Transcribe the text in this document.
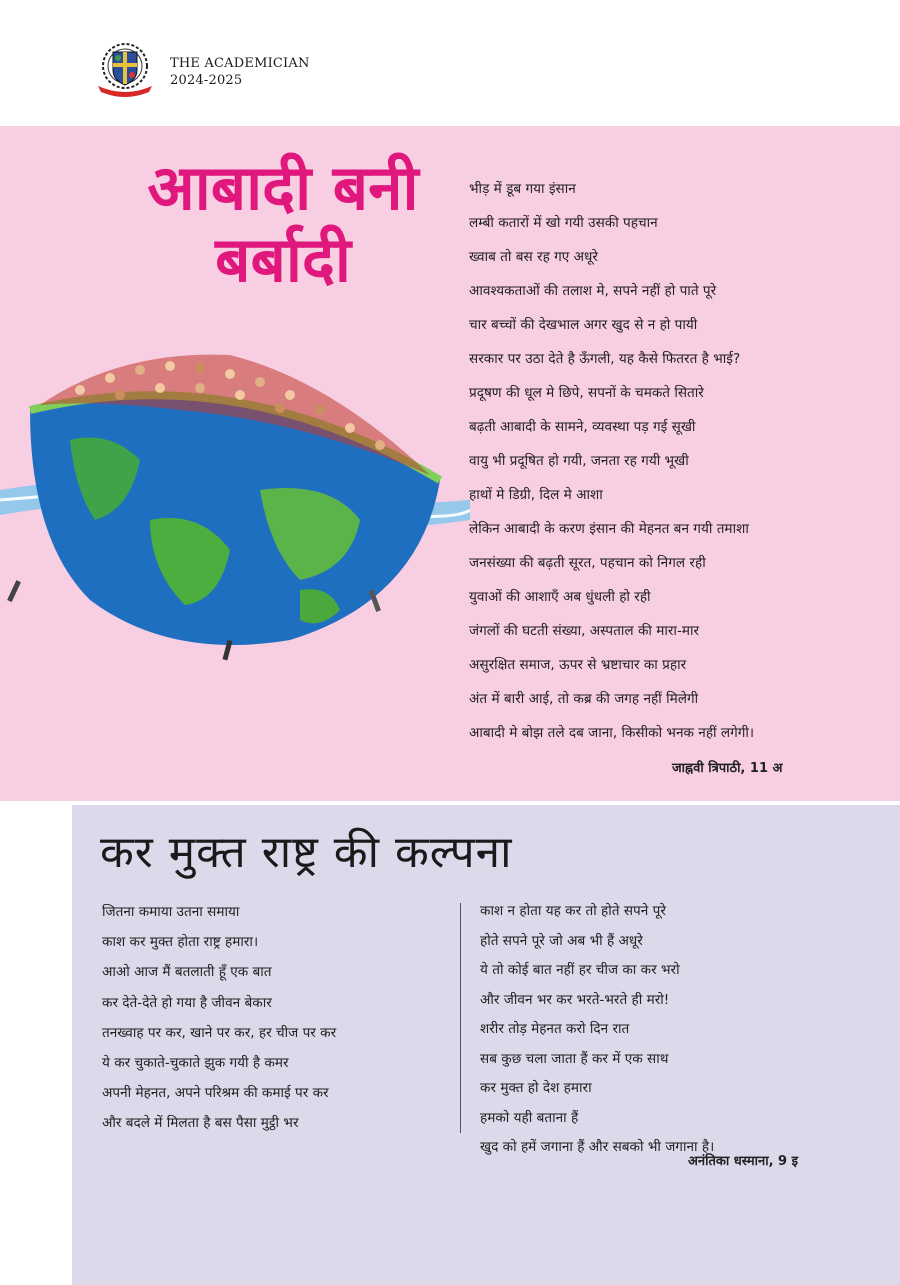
THE ACADEMICIAN
2024-2025
आबादी बनी
बर्बादी
भीड़ में डूब गया इंसान
लम्बी कतारों में खो गयी उसकी पहचान
ख्वाब तो बस रह गए अधूरे
आवश्यकताओं की तलाश मे, सपने नहीं हो पाते पूरे
चार बच्चों की देखभाल अगर खुद से न हो पायी
सरकार पर उठा देते है ऊँगली, यह कैसे फितरत है भाई?
प्रदूषण की धूल मे छिपे, सपनों के चमकते सितारे
बढ़ती आबादी के सामने, व्यवस्था पड़ गई सूखी
वायु भी प्रदूषित हो गयी, जनता रह गयी भूखी
हाथों मे डिग्री, दिल मे आशा
लेकिन आबादी के करण इंसान की मेहनत बन गयी तमाशा
जनसंख्या की बढ़ती सूरत, पहचान को निगल रही
युवाओं की आशाएँ अब धुंधली हो रही
जंगलों की घटती संख्या, अस्पताल की मारा-मार
असुरक्षित समाज, ऊपर से भ्रष्टाचार का प्रहार
अंत में बारी आई, तो कब्र की जगह नहीं मिलेगी
आबादी मे बोझ तले दब जाना, किसीको भनक नहीं लगेगी।
जाह्नवी त्रिपाठी, 11 अ
कर मुक्त राष्ट्र की कल्पना
जितना कमाया उतना समाया
काश कर मुक्त होता राष्ट्र हमारा।
आओ आज मैं बतलाती हूँ एक बात
कर देते-देते हो गया है जीवन बेकार
तनख्वाह पर कर, खाने पर कर, हर चीज पर कर
ये कर चुकाते-चुकाते झुक गयी है कमर
अपनी मेहनत, अपने परिश्रम की कमाई पर कर
और बदले में मिलता है बस पैसा मुट्ठी भर
काश न होता यह कर तो होते सपने पूरे
होते सपने पूरे जो अब भी हैं अधूरे
ये तो कोई बात नहीं हर चीज का कर भरो
और जीवन भर कर भरते-भरते ही मरो!
शरीर तोड़ मेहनत करो दिन रात
सब कुछ चला जाता हैं कर में एक साथ
कर मुक्त हो देश हमारा
हमको यही बताना हैं
खुद को हमें जगाना हैं और सबको भी जगाना है।
अनंतिका धस्माना, 9 इ
